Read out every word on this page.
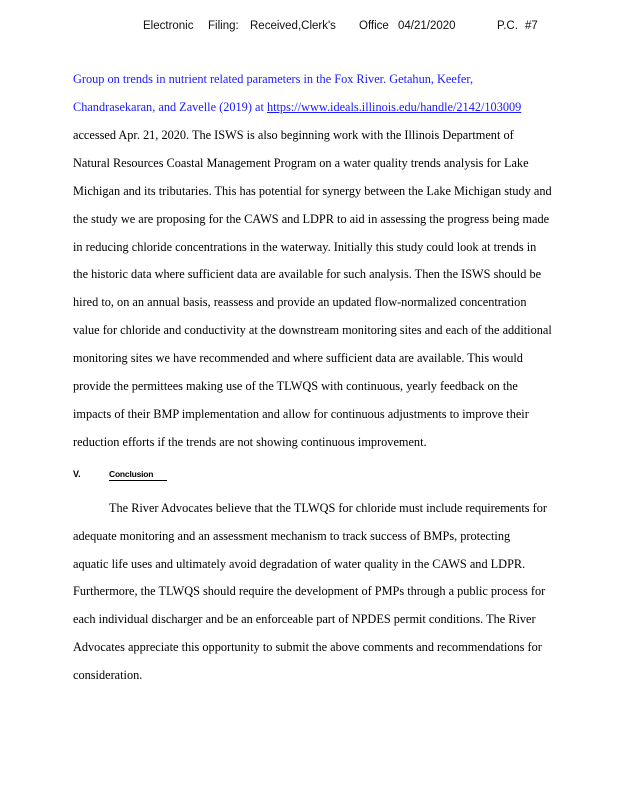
Electronic Filing: Received,Clerk's Office 04/21/2020	P.C. #7
Group on trends in nutrient related parameters in the Fox River. Getahun, Keefer,
Chandrasekaran, and Zavelle (2019) at https://www.ideals.illinois.edu/handle/2142/103009
accessed Apr. 21, 2020. The ISWS is also beginning work with the Illinois Department of
Natural Resources Coastal Management Program on a water quality trends analysis for Lake
Michigan and its tributaries. This has potential for synergy between the Lake Michigan study and
the study we are proposing for the CAWS and LDPR to aid in assessing the progress being made
in reducing chloride concentrations in the waterway. Initially this study could look at trends in
the historic data where sufficient data are available for such analysis. Then the ISWS should be
hired to, on an annual basis, reassess and provide an updated flow-normalized concentration
value for chloride and conductivity at the downstream monitoring sites and each of the additional
monitoring sites we have recommended and where sufficient data are available. This would
provide the permittees making use of the TLWQS with continuous, yearly feedback on the
impacts of their BMP implementation and allow for continuous adjustments to improve their
reduction efforts if the trends are not showing continuous improvement.
V.	Conclusion
The River Advocates believe that the TLWQS for chloride must include requirements for
adequate monitoring and an assessment mechanism to track success of BMPs, protecting
aquatic life uses and ultimately avoid degradation of water quality in the CAWS and LDPR.
Furthermore, the TLWQS should require the development of PMPs through a public process for
each individual discharger and be an enforceable part of NPDES permit conditions. The River
Advocates appreciate this opportunity to submit the above comments and recommendations for
consideration.
